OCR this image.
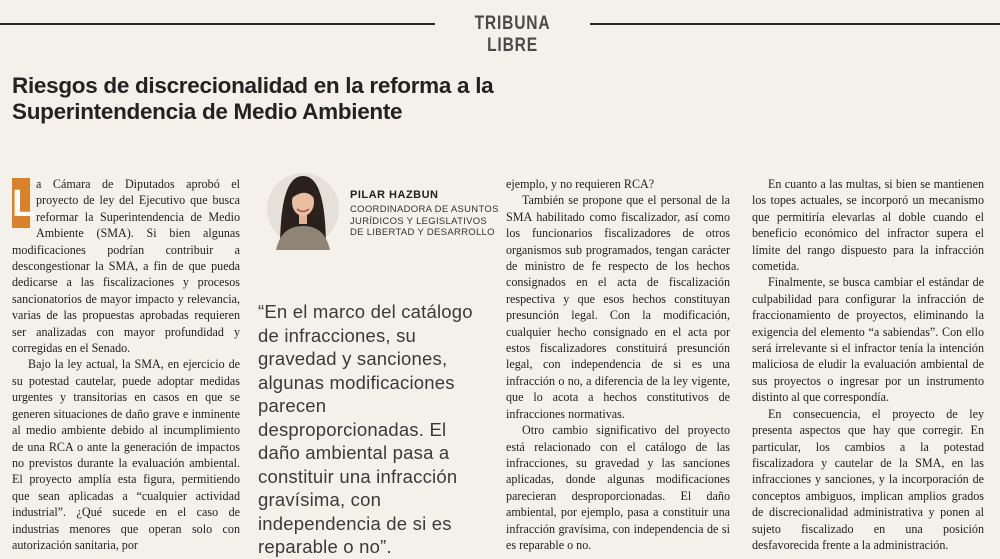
TRIBUNA LIBRE
Riesgos de discrecionalidad en la reforma a la Superintendencia de Medio Ambiente
L a Cámara de Diputados aprobó el proyecto de ley del Ejecutivo que busca reformar la Superintendencia de Medio Ambiente (SMA). Si bien algunas modificaciones podrían contribuir a descongestionar la SMA, a fin de que pueda dedicarse a las fiscalizaciones y procesos sancionatorios de mayor impacto y relevancia, varias de las propuestas aprobadas requieren ser analizadas con mayor profundidad y corregidas en el Senado.

Bajo la ley actual, la SMA, en ejercicio de su potestad cautelar, puede adoptar medidas urgentes y transitorias en casos en que se generen situaciones de daño grave e inminente al medio ambiente debido al incumplimiento de una RCA o ante la generación de impactos no previstos durante la evaluación ambiental. El proyecto amplía esta figura, permitiendo que sean aplicadas a “cualquier actividad industrial”. ¿Qué sucede en el caso de industrias menores que operan solo con autorización sanitaria, por

PILAR HAZBUN
COORDINADORA DE ASUNTOS JURÍDICOS Y LEGISLATIVOS DE LIBERTAD Y DESARROLLO

“En el marco del catálogo de infracciones, su gravedad y sanciones, algunas modificaciones parecen desproporcionadas. El daño ambiental pasa a constituir una infracción gravísima, con independencia de si es reparable o no”.

ejemplo, y no requieren RCA?

También se propone que el personal de la SMA habilitado como fiscalizador, así como los funcionarios fiscalizadores de otros organismos sub programados, tengan carácter de ministro de fe respecto de los hechos consignados en el acta de fiscalización respectiva y que esos hechos constituyan presunción legal. Con la modificación, cualquier hecho consignado en el acta por estos fiscalizadores constituirá presunción legal, con independencia de si es una infracción o no, a diferencia de la ley vigente, que lo acota a hechos constitutivos de infracciones normativas.

Otro cambio significativo del proyecto está relacionado con el catálogo de las infracciones, su gravedad y las sanciones aplicadas, donde algunas modificaciones parecieran desproporcionadas. El daño ambiental, por ejemplo, pasa a constituir una infracción gravísima, con independencia de si es reparable o no.

En cuanto a las multas, si bien se mantienen los topes actuales, se incorporó un mecanismo que permitiría elevarlas al doble cuando el beneficio económico del infractor supera el límite del rango dispuesto para la infracción cometida.

Finalmente, se busca cambiar el estándar de culpabilidad para configurar la infracción de fraccionamiento de proyectos, eliminando la exigencia del elemento “a sabiendas”. Con ello será irrelevante si el infractor tenía la intención maliciosa de eludir la evaluación ambiental de sus proyectos o ingresar por un instrumento distinto al que correspondía.

En consecuencia, el proyecto de ley presenta aspectos que hay que corregir. En particular, los cambios a la potestad fiscalizadora y cautelar de la SMA, en las infracciones y sanciones, y la incorporación de conceptos ambiguos, implican amplios grados de discrecionalidad administrativa y ponen al sujeto fiscalizado en una posición desfavorecida frente a la administración.
